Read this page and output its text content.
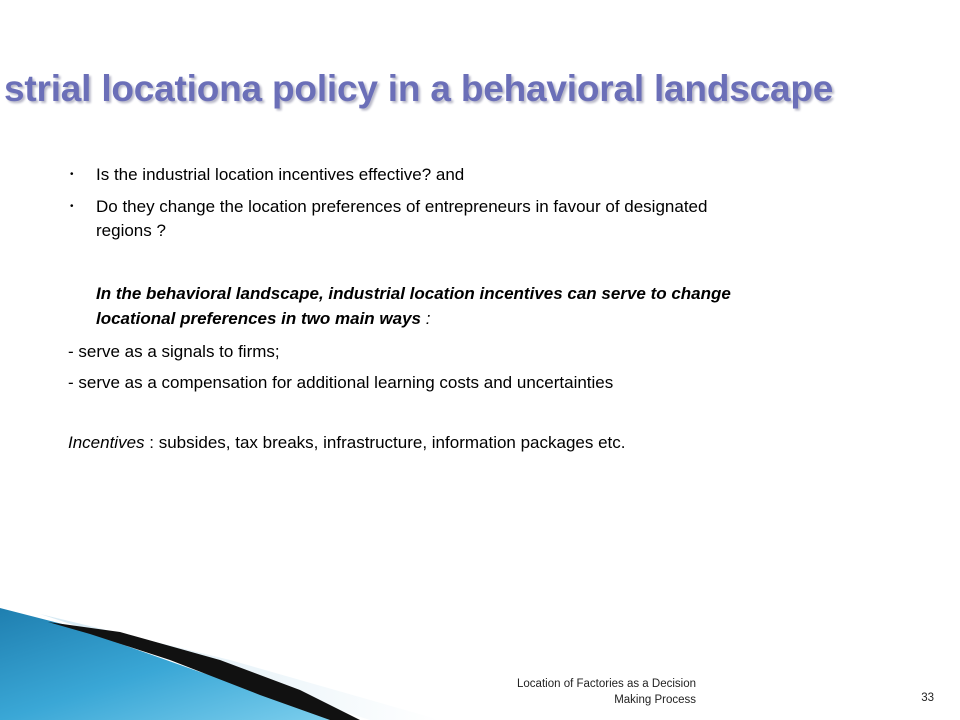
strial locationa policy in a behavioral landscape
• Is the industrial location incentives effective? and
• Do they change the location preferences of entrepreneurs in favour of designated
regions ?
In the behavioral landscape, industrial location incentives can serve to change
locational preferences in two main ways :
- serve as a signals to firms;
- serve as a compensation for additional learning costs and uncertainties
Incentives : subsides, tax breaks, infrastructure, information packages etc.
Location of Factories as a Decision
Making Process	33
